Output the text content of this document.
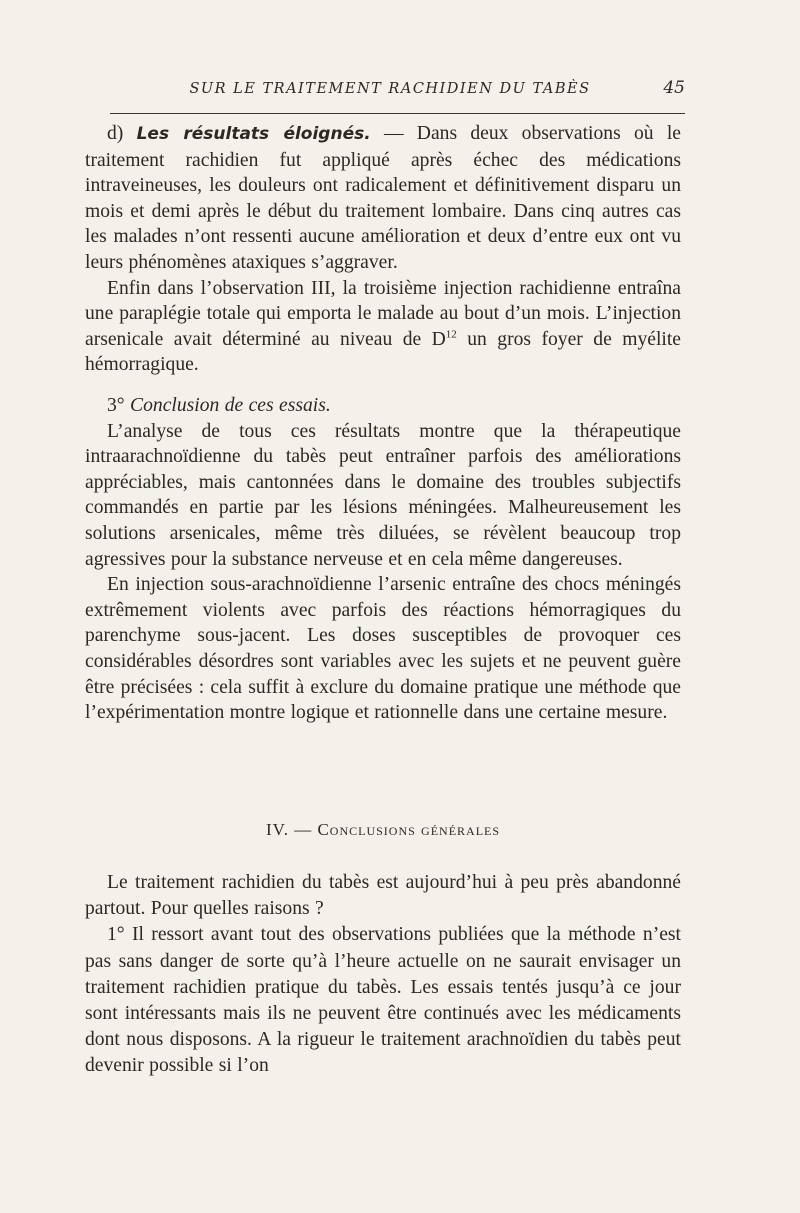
SUR LE TRAITEMENT RACHIDIEN DU TABÈS	45

d) Les résultats éloignés. — Dans deux observations où le traitement rachidien fut appliqué après échec des médications intraveineuses, les douleurs ont radicalement et définitivement disparu un mois et demi après le début du traitement lombaire. Dans cinq autres cas les malades n’ont ressenti aucune amélioration et deux d’entre eux ont vu leurs phénomènes ataxiques s’aggraver.

Enfin dans l’observation III, la troisième injection rachidienne entraîna une paraplégie totale qui emporta le malade au bout d’un mois. L’injection arsenicale avait déterminé au niveau de $D^{12}$ un gros foyer de myélite hémorragique.

3° Conclusion de ces essais.

L’analyse de tous ces résultats montre que la thérapeutique intraarachnoïdienne du tabès peut entraîner parfois des améliorations appréciables, mais cantonnées dans le domaine des troubles subjectifs commandés en partie par les lésions méningées. Malheureusement les solutions arsenicales, même très diluées, se révèlent beaucoup trop agressives pour la substance nerveuse et en cela même dangereuses.

En injection sous-arachnoïdienne l’arsenic entraîne des chocs méningés extrêmement violents avec parfois des réactions hémorragiques du parenchyme sous-jacent. Les doses susceptibles de provoquer ces considérables désordres sont variables avec les sujets et ne peuvent guère être précisées : cela suffit à exclure du domaine pratique une méthode que l’expérimentation montre logique et rationnelle dans une certaine mesure.

IV. — Conclusions générales

Le traitement rachidien du tabès est aujourd’hui à peu près abandonné partout. Pour quelles raisons ?

1° Il ressort avant tout des observations publiées que la méthode n’est pas sans danger de sorte qu’à l’heure actuelle on ne saurait envisager un traitement rachidien pratique du tabès. Les essais tentés jusqu’à ce jour sont intéressants mais ils ne peuvent être continués avec les médicaments dont nous disposons. A la rigueur le traitement arachnoïdien du tabès peut devenir possible si l’on
